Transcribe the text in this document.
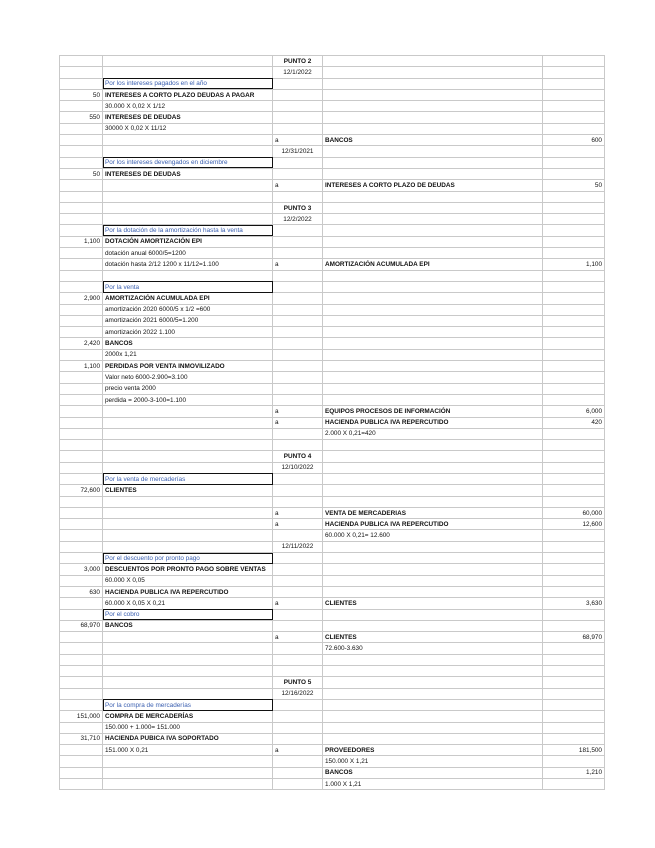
		PUNTO 2		
		12/1/2022		
	Por los intereses pagados en el año			
50	INTERESES A CORTO PLAZO DEUDAS A PAGAR			
	30.000 X 0,02 X 1/12			
550	INTERESES DE DEUDAS			
	30000 X 0,02 X 11/12			
		a	BANCOS	600
		12/31/2021		
	Por los intereses devengados en diciembre			
50	INTERESES DE DEUDAS			
		a	INTERESES A CORTO PLAZO DE DEUDAS	50

		PUNTO 3		
		12/2/2022		
	Por la dotación de la amortización hasta la venta			
1,100	DOTACIÓN AMORTIZACIÓN EPI			
	dotación anual 6000/5=1200			
	dotación hasta 2/12 1200 x 11/12=1.100	a	AMORTIZACIÓN ACUMULADA EPI	1,100

	Por la venta			
2,900	AMORTIZACIÓN ACUMULADA EPI			
	amortización 2020 6000/5 x 1/2 =600			
	amortización 2021 6000/5=1.200			
	amortización 2022 1.100			
2,420	BANCOS			
	2000x 1,21			
1,100	PERDIDAS POR VENTA INMOVILIZADO			
	Valor neto 6000-2.900=3.100			
	precio venta 2000			
	perdida = 2000-3-100=1.100			
		a	EQUIPOS PROCESOS DE INFORMACIÓN	6,000
		a	HACIENDA PUBLICA IVA REPERCUTIDO	420
			2.000 X 0,21=420	

		PUNTO 4		
		12/10/2022		
	Por la venta de mercaderías			
72,600	CLIENTES			

		a	VENTA DE MERCADERIAS	60,000
		a	HACIENDA PUBLICA IVA REPERCUTIDO	12,600
			60.000 X 0,21= 12.600	
		12/11/2022		
	Por el descuento por pronto pago			
3,000	DESCUENTOS POR PRONTO PAGO SOBRE VENTAS			
	60.000 X 0,05			
630	HACIENDA PUBLICA IVA REPERCUTIDO			
	60.000 X 0,05 X 0,21	a	CLIENTES	3,630
	Por el cobro			
68,970	BANCOS			
		a	CLIENTES	68,970
			72.600-3.630	

		PUNTO 5		
		12/16/2022		
	Por la compra de mercaderías			
151,000	COMPRA DE MERCADERÍAS			
	150.000 + 1.000= 151.000			
31,710	HACIENDA PUBICA IVA SOPORTADO			
	151.000 X 0,21	a	PROVEEDORES	181,500
			150.000 X 1,21	
			BANCOS	1,210
			1.000 X 1,21	
